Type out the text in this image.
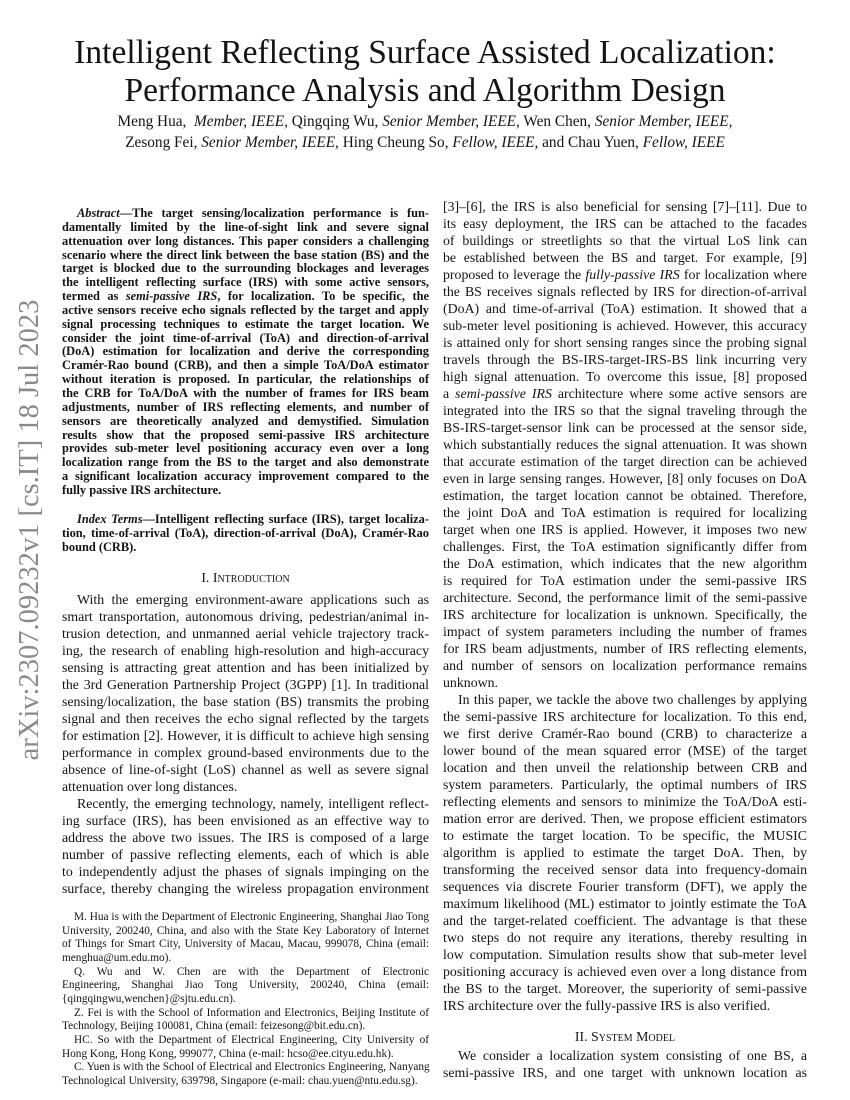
arXiv:2307.09232v1 [cs.IT] 18 Jul 2023
Intelligent Reflecting Surface Assisted Localization:
Performance Analysis and Algorithm Design
Meng Hua,  Member, IEEE, Qingqing Wu, Senior Member, IEEE, Wen Chen, Senior Member, IEEE,
Zesong Fei, Senior Member, IEEE, Hing Cheung So, Fellow, IEEE, and Chau Yuen, Fellow, IEEE
Abstract—The target sensing/localization performance is fun-
damentally limited by the line-of-sight link and severe signal
attenuation over long distances. This paper considers a challenging
scenario where the direct link between the base station (BS) and the
target is blocked due to the surrounding blockages and leverages
the intelligent reflecting surface (IRS) with some active sensors,
termed as semi-passive IRS, for localization. To be specific, the
active sensors receive echo signals reflected by the target and apply
signal processing techniques to estimate the target location. We
consider the joint time-of-arrival (ToA) and direction-of-arrival
(DoA) estimation for localization and derive the corresponding
Cramér-Rao bound (CRB), and then a simple ToA/DoA estimator
without iteration is proposed. In particular, the relationships of
the CRB for ToA/DoA with the number of frames for IRS beam
adjustments, number of IRS reflecting elements, and number of
sensors are theoretically analyzed and demystified. Simulation
results show that the proposed semi-passive IRS architecture
provides sub-meter level positioning accuracy even over a long
localization range from the BS to the target and also demonstrate
a significant localization accuracy improvement compared to the
fully passive IRS architecture.
Index Terms—Intelligent reflecting surface (IRS), target localiza-
tion, time-of-arrival (ToA), direction-of-arrival (DoA), Cramér-Rao
bound (CRB).
I. Introduction
With the emerging environment-aware applications such as
smart transportation, autonomous driving, pedestrian/animal in-
trusion detection, and unmanned aerial vehicle trajectory track-
ing, the research of enabling high-resolution and high-accuracy
sensing is attracting great attention and has been initialized by
the 3rd Generation Partnership Project (3GPP) [1]. In traditional
sensing/localization, the base station (BS) transmits the probing
signal and then receives the echo signal reflected by the targets
for estimation [2]. However, it is difficult to achieve high sensing
performance in complex ground-based environments due to the
absence of line-of-sight (LoS) channel as well as severe signal
attenuation over long distances.
Recently, the emerging technology, namely, intelligent reflect-
ing surface (IRS), has been envisioned as an effective way to
address the above two issues. The IRS is composed of a large
number of passive reflecting elements, each of which is able
to independently adjust the phases of signals impinging on the
surface, thereby changing the wireless propagation environment
M. Hua is with the Department of Electronic Engineering, Shanghai Jiao Tong
University, 200240, China, and also with the State Key Laboratory of Internet
of Things for Smart City, University of Macau, Macau, 999078, China (email:
menghua@um.edu.mo).
Q. Wu and W. Chen are with the Department of Electronic
Engineering, Shanghai Jiao Tong University, 200240, China (email:
{qingqingwu,wenchen}@sjtu.edu.cn).
Z. Fei is with the School of Information and Electronics, Beijing Institute of
Technology, Beijing 100081, China (email: feizesong@bit.edu.cn).
HC. So with the Department of Electrical Engineering, City University of
Hong Kong, Hong Kong, 999077, China (e-mail: hcso@ee.cityu.edu.hk).
C. Yuen is with the School of Electrical and Electronics Engineering, Nanyang
Technological University, 639798, Singapore (e-mail: chau.yuen@ntu.edu.sg).
[3]–[6], the IRS is also beneficial for sensing [7]–[11]. Due to
its easy deployment, the IRS can be attached to the facades
of buildings or streetlights so that the virtual LoS link can
be established between the BS and target. For example, [9]
proposed to leverage the fully-passive IRS for localization where
the BS receives signals reflected by IRS for direction-of-arrival
(DoA) and time-of-arrival (ToA) estimation. It showed that a
sub-meter level positioning is achieved. However, this accuracy
is attained only for short sensing ranges since the probing signal
travels through the BS-IRS-target-IRS-BS link incurring very
high signal attenuation. To overcome this issue, [8] proposed
a semi-passive IRS architecture where some active sensors are
integrated into the IRS so that the signal traveling through the
BS-IRS-target-sensor link can be processed at the sensor side,
which substantially reduces the signal attenuation. It was shown
that accurate estimation of the target direction can be achieved
even in large sensing ranges. However, [8] only focuses on DoA
estimation, the target location cannot be obtained. Therefore,
the joint DoA and ToA estimation is required for localizing
target when one IRS is applied. However, it imposes two new
challenges. First, the ToA estimation significantly differ from
the DoA estimation, which indicates that the new algorithm
is required for ToA estimation under the semi-passive IRS
architecture. Second, the performance limit of the semi-passive
IRS architecture for localization is unknown. Specifically, the
impact of system parameters including the number of frames
for IRS beam adjustments, number of IRS reflecting elements,
and number of sensors on localization performance remains
unknown.
In this paper, we tackle the above two challenges by applying
the semi-passive IRS architecture for localization. To this end,
we first derive Cramér-Rao bound (CRB) to characterize a
lower bound of the mean squared error (MSE) of the target
location and then unveil the relationship between CRB and
system parameters. Particularly, the optimal numbers of IRS
reflecting elements and sensors to minimize the ToA/DoA esti-
mation error are derived. Then, we propose efficient estimators
to estimate the target location. To be specific, the MUSIC
algorithm is applied to estimate the target DoA. Then, by
transforming the received sensor data into frequency-domain
sequences via discrete Fourier transform (DFT), we apply the
maximum likelihood (ML) estimator to jointly estimate the ToA
and the target-related coefficient. The advantage is that these
two steps do not require any iterations, thereby resulting in
low computation. Simulation results show that sub-meter level
positioning accuracy is achieved even over a long distance from
the BS to the target. Moreover, the superiority of semi-passive
IRS architecture over the fully-passive IRS is also verified.
II. System Model
We consider a localization system consisting of one BS, a
semi-passive IRS, and one target with unknown location as
